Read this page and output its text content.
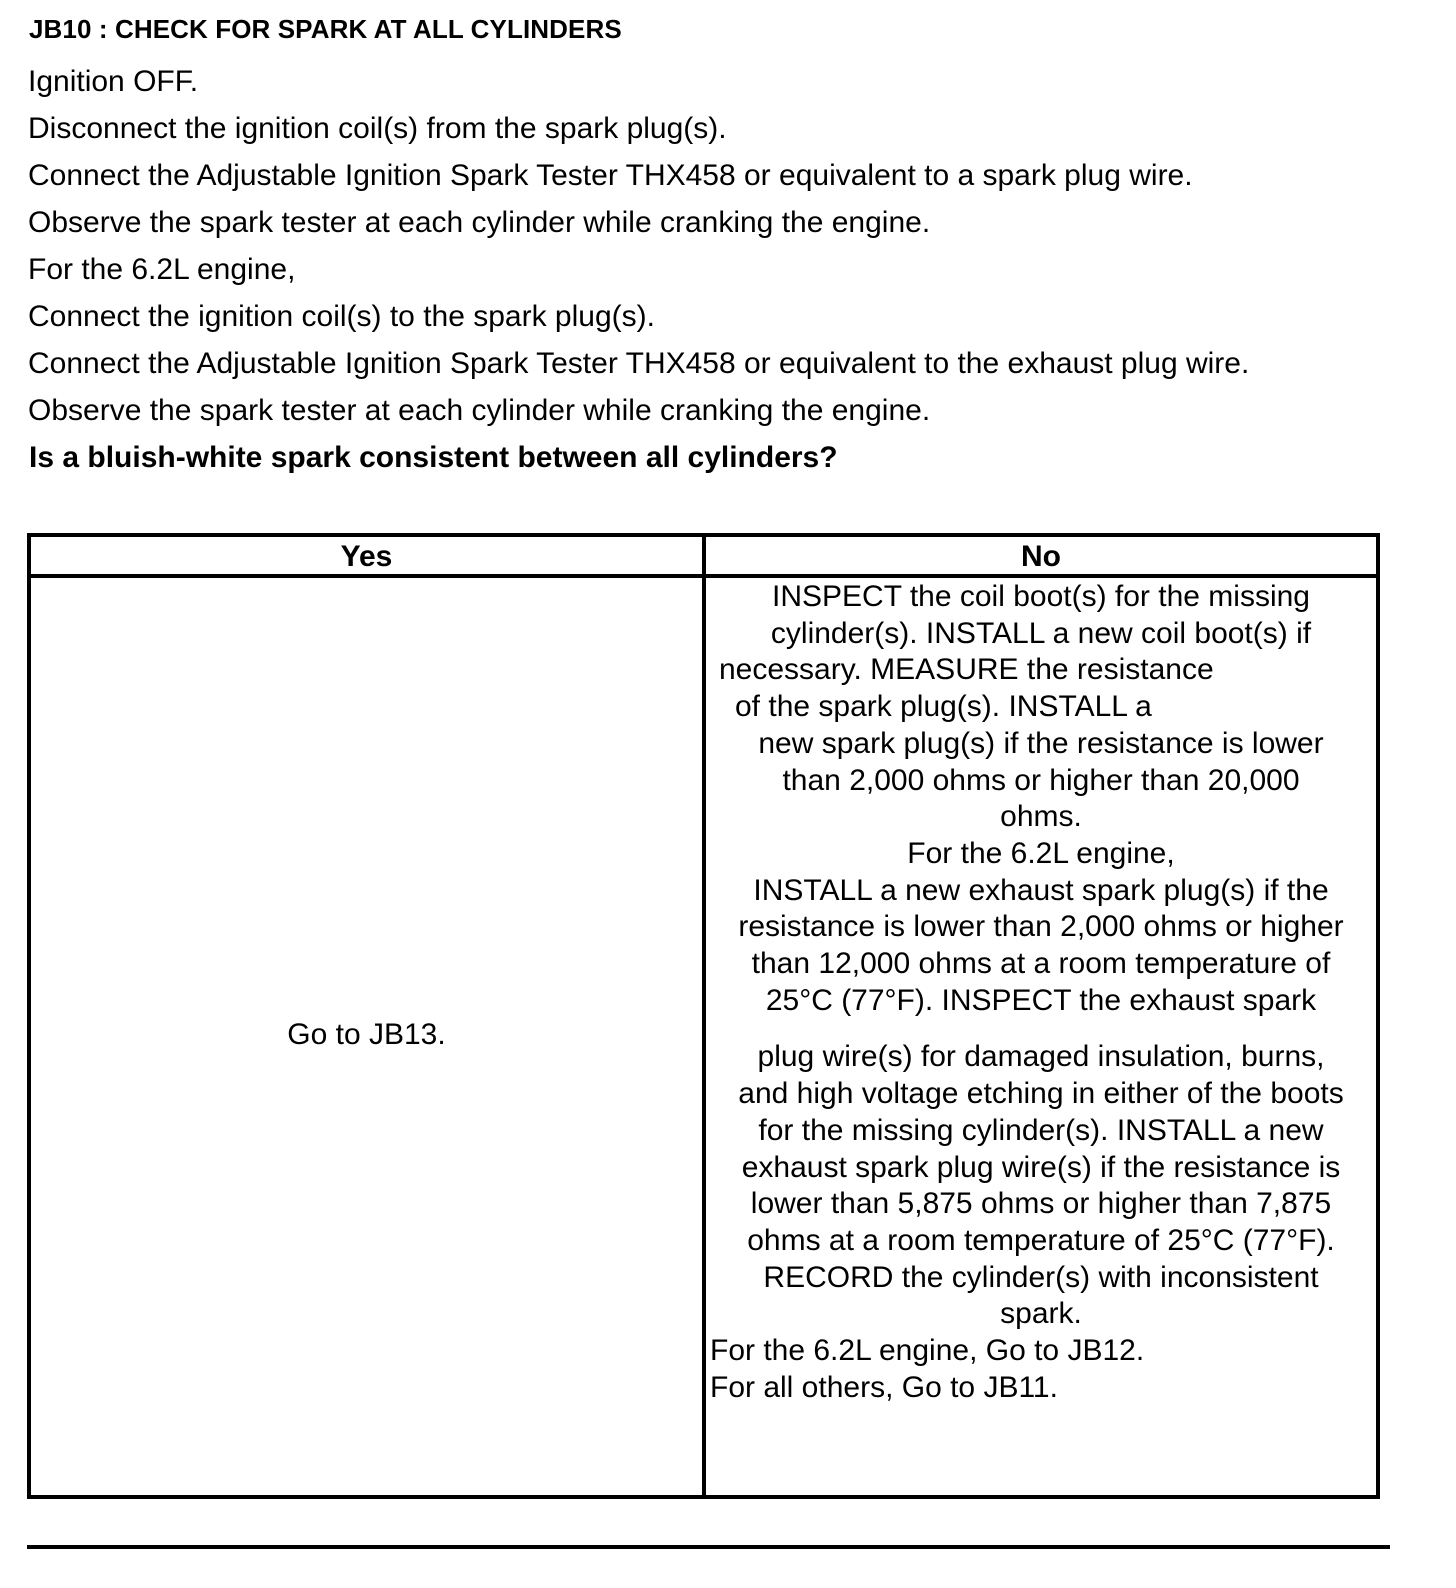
JB10 : CHECK FOR SPARK AT ALL CYLINDERS
Ignition OFF.
Disconnect the ignition coil(s) from the spark plug(s).
Connect the Adjustable Ignition Spark Tester THX458 or equivalent to a spark plug wire.
Observe the spark tester at each cylinder while cranking the engine.
For the 6.2L engine,
Connect the ignition coil(s) to the spark plug(s).
Connect the Adjustable Ignition Spark Tester THX458 or equivalent to the exhaust plug wire.
Observe the spark tester at each cylinder while cranking the engine.
Is a bluish-white spark consistent between all cylinders?
Yes	No
Go to JB13.
INSPECT the coil boot(s) for the missing
cylinder(s). INSTALL a new coil boot(s) if
necessary. MEASURE the resistance
of the spark plug(s). INSTALL a
new spark plug(s) if the resistance is lower
than 2,000 ohms or higher than 20,000
ohms.
For the 6.2L engine,
INSTALL a new exhaust spark plug(s) if the
resistance is lower than 2,000 ohms or higher
than 12,000 ohms at a room temperature of
25°C (77°F). INSPECT the exhaust spark
plug wire(s) for damaged insulation, burns,
and high voltage etching in either of the boots
for the missing cylinder(s). INSTALL a new
exhaust spark plug wire(s) if the resistance is
lower than 5,875 ohms or higher than 7,875
ohms at a room temperature of 25°C (77°F).
RECORD the cylinder(s) with inconsistent
spark.
For the 6.2L engine, Go to JB12.
For all others, Go to JB11.
